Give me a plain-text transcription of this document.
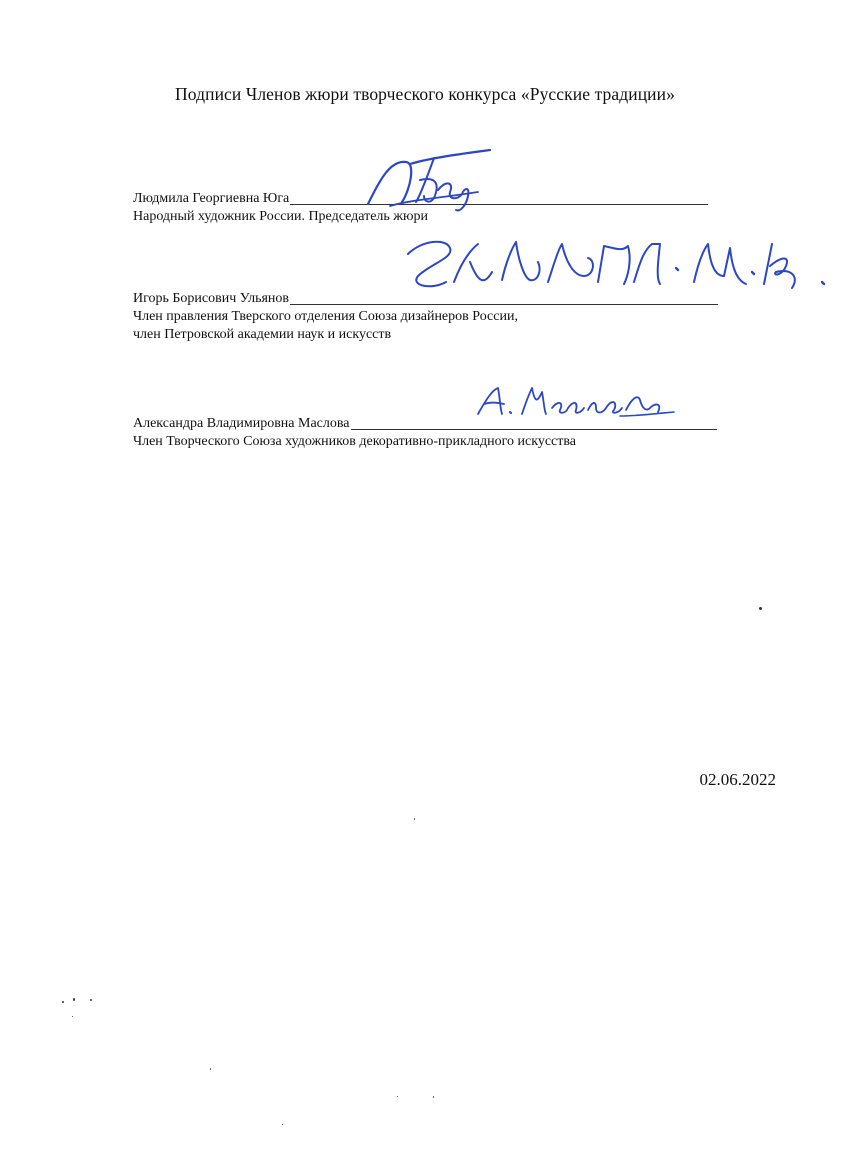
Подписи Членов жюри творческого конкурса «Русские традиции»
Людмила Георгиевна Юга
Народный художник России. Председатель жюри
Игорь Борисович Ульянов
Член правления Тверского отделения Союза дизайнеров России,
член Петровской академии наук и искусств
Александра Владимировна Маслова
Член Творческого Союза художников декоративно-прикладного искусства
02.06.2022
